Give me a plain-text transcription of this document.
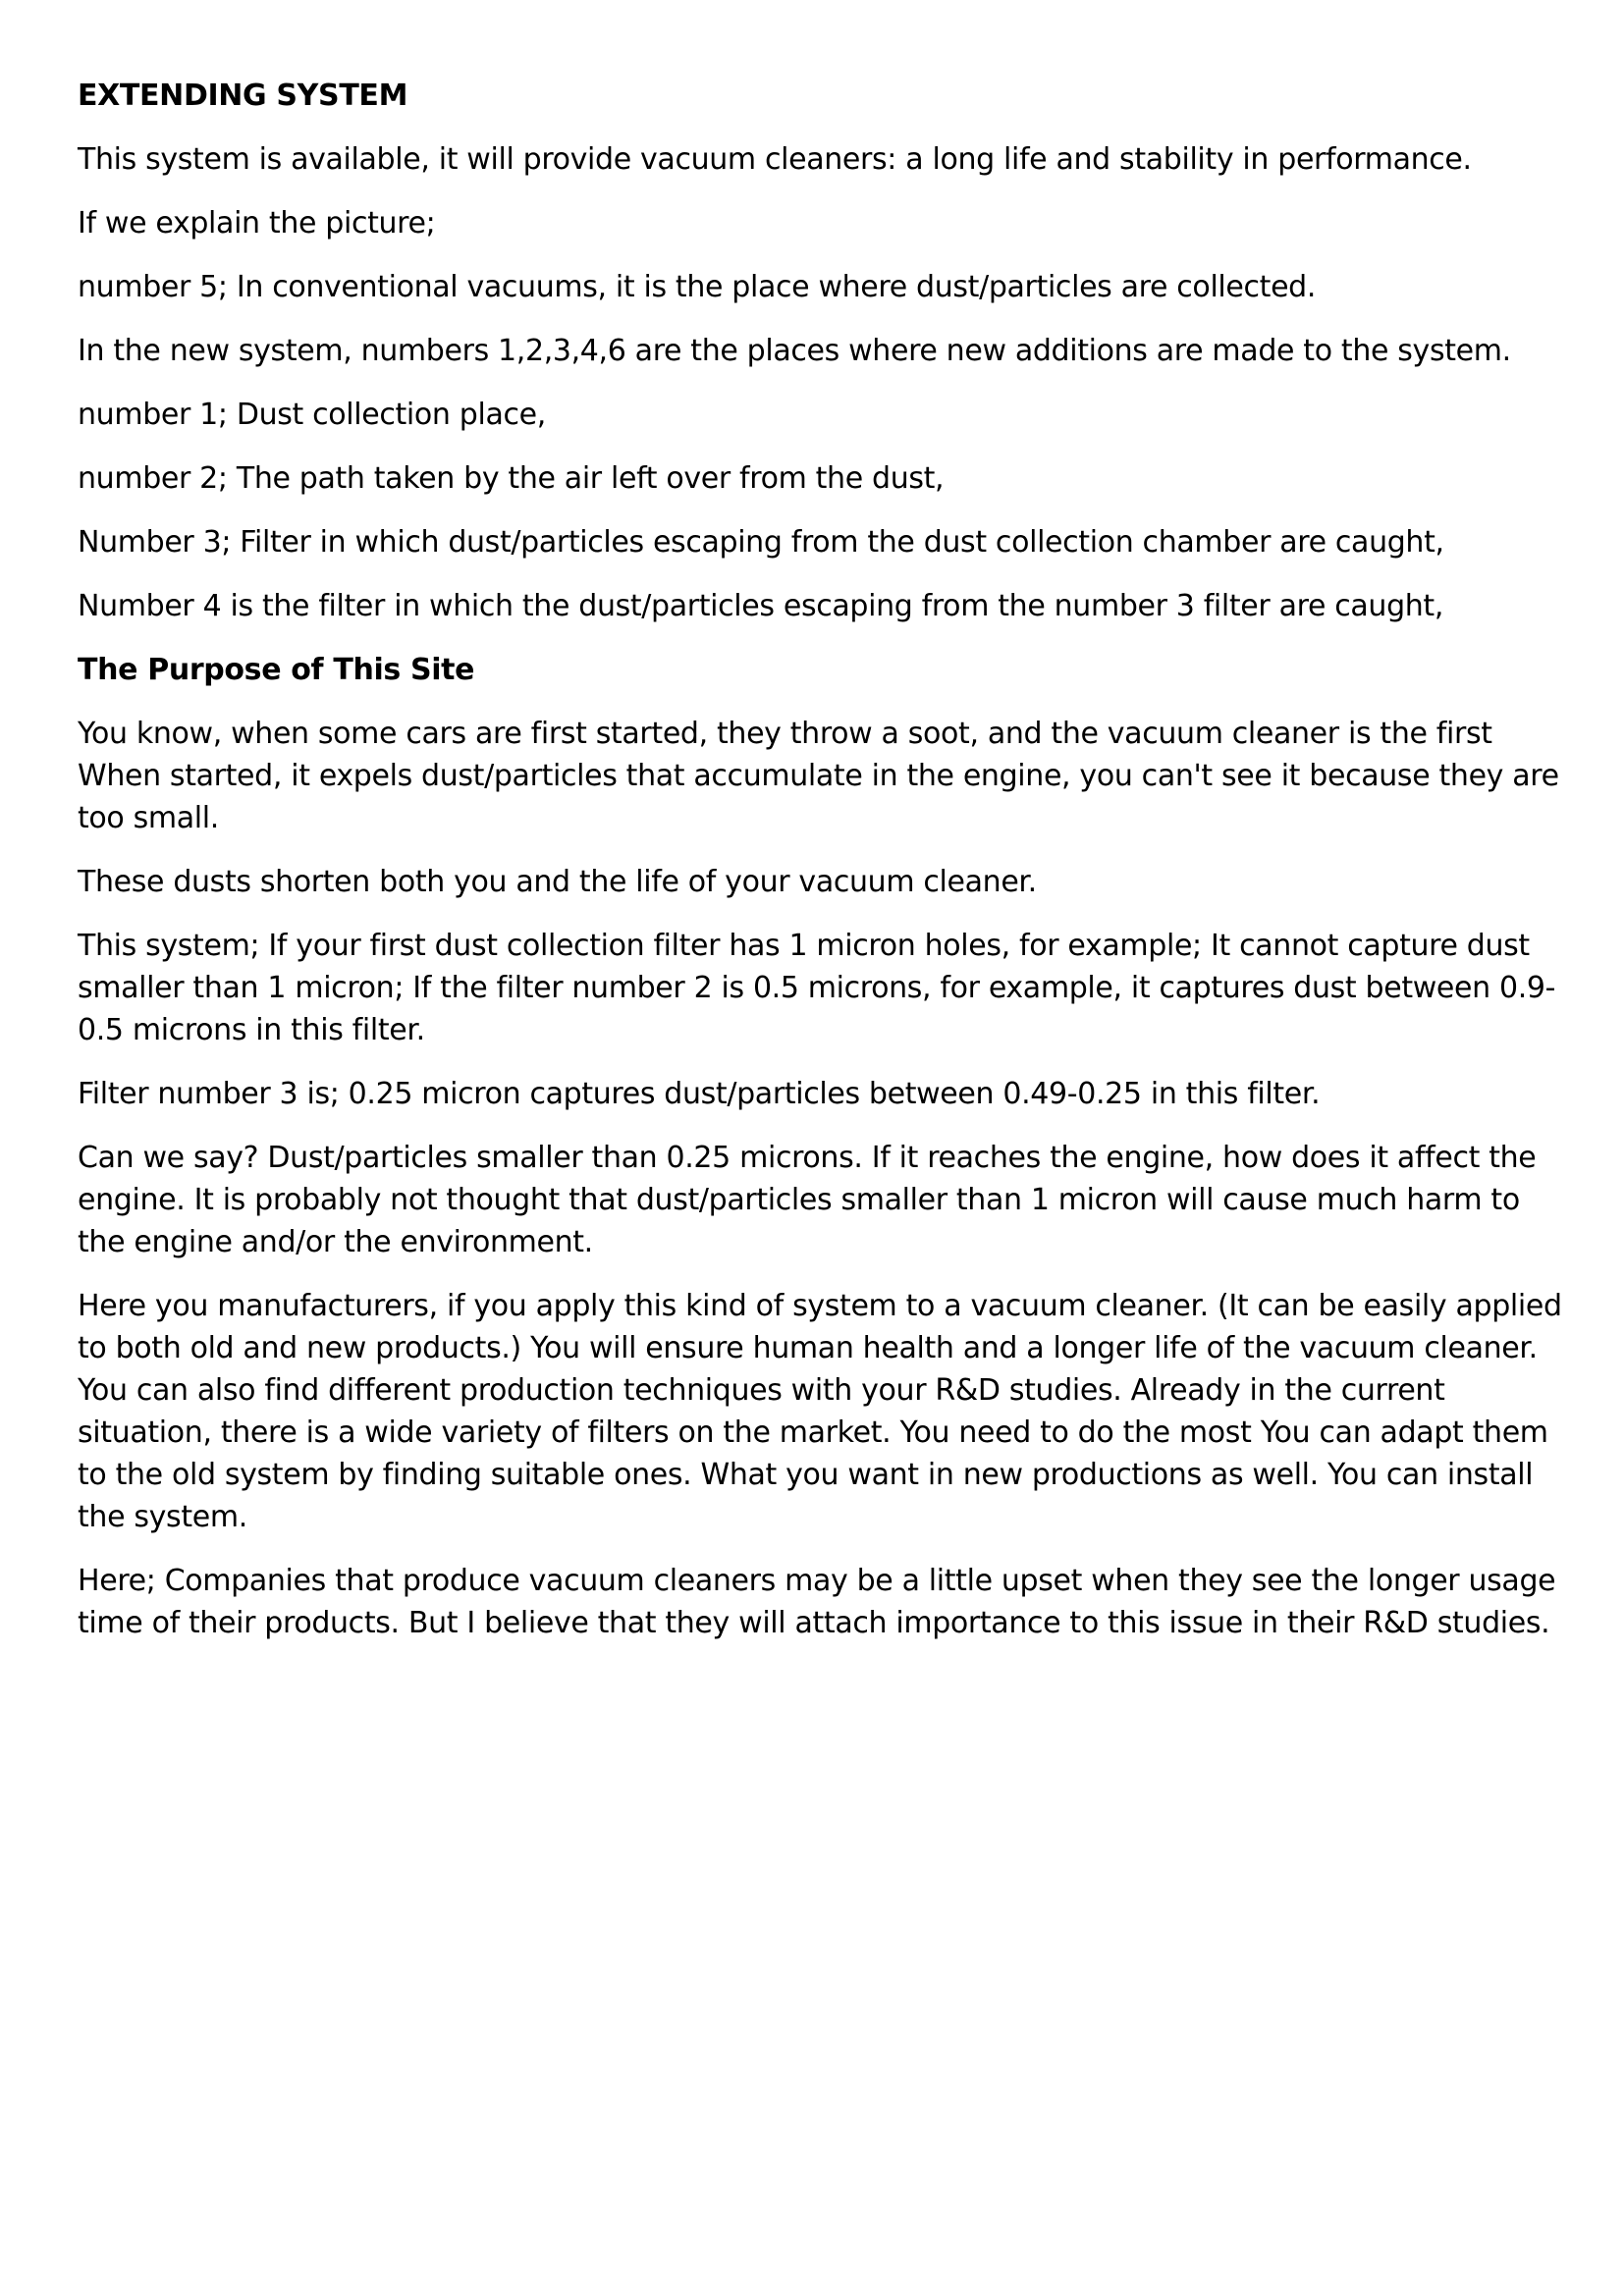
EXTENDING SYSTEM

This system is available, it will provide vacuum cleaners: a long life and stability in performance.

If we explain the picture;

number 5; In conventional vacuums, it is the place where dust/particles are collected.

In the new system, numbers 1,2,3,4,6 are the places where new additions are made to the system.

number 1; Dust collection place,

number 2; The path taken by the air left over from the dust,

Number 3; Filter in which dust/particles escaping from the dust collection chamber are caught,

Number 4 is the filter in which the dust/particles escaping from the number 3 filter are caught,

The Purpose of This Site

You know, when some cars are first started, they throw a soot, and the vacuum cleaner is the first When started, it expels dust/particles that accumulate in the engine, you can't see it because they are too small.

These dusts shorten both you and the life of your vacuum cleaner.

This system; If your first dust collection filter has 1 micron holes, for example; It cannot capture dust smaller than 1 micron; If the filter number 2 is 0.5 microns, for example, it captures dust between 0.9-0.5 microns in this filter.

Filter number 3 is; 0.25 micron captures dust/particles between 0.49-0.25 in this filter.

Can we say? Dust/particles smaller than 0.25 microns. If it reaches the engine, how does it affect the engine. It is probably not thought that dust/particles smaller than 1 micron will cause much harm to the engine and/or the environment.

Here you manufacturers, if you apply this kind of system to a vacuum cleaner. (It can be easily applied to both old and new products.) You will ensure human health and a longer life of the vacuum cleaner. You can also find different production techniques with your R&D studies. Already in the current situation, there is a wide variety of filters on the market. You need to do the most You can adapt them to the old system by finding suitable ones. What you want in new productions as well. You can install the system.

Here; Companies that produce vacuum cleaners may be a little upset when they see the longer usage time of their products. But I believe that they will attach importance to this issue in their R&D studies.
